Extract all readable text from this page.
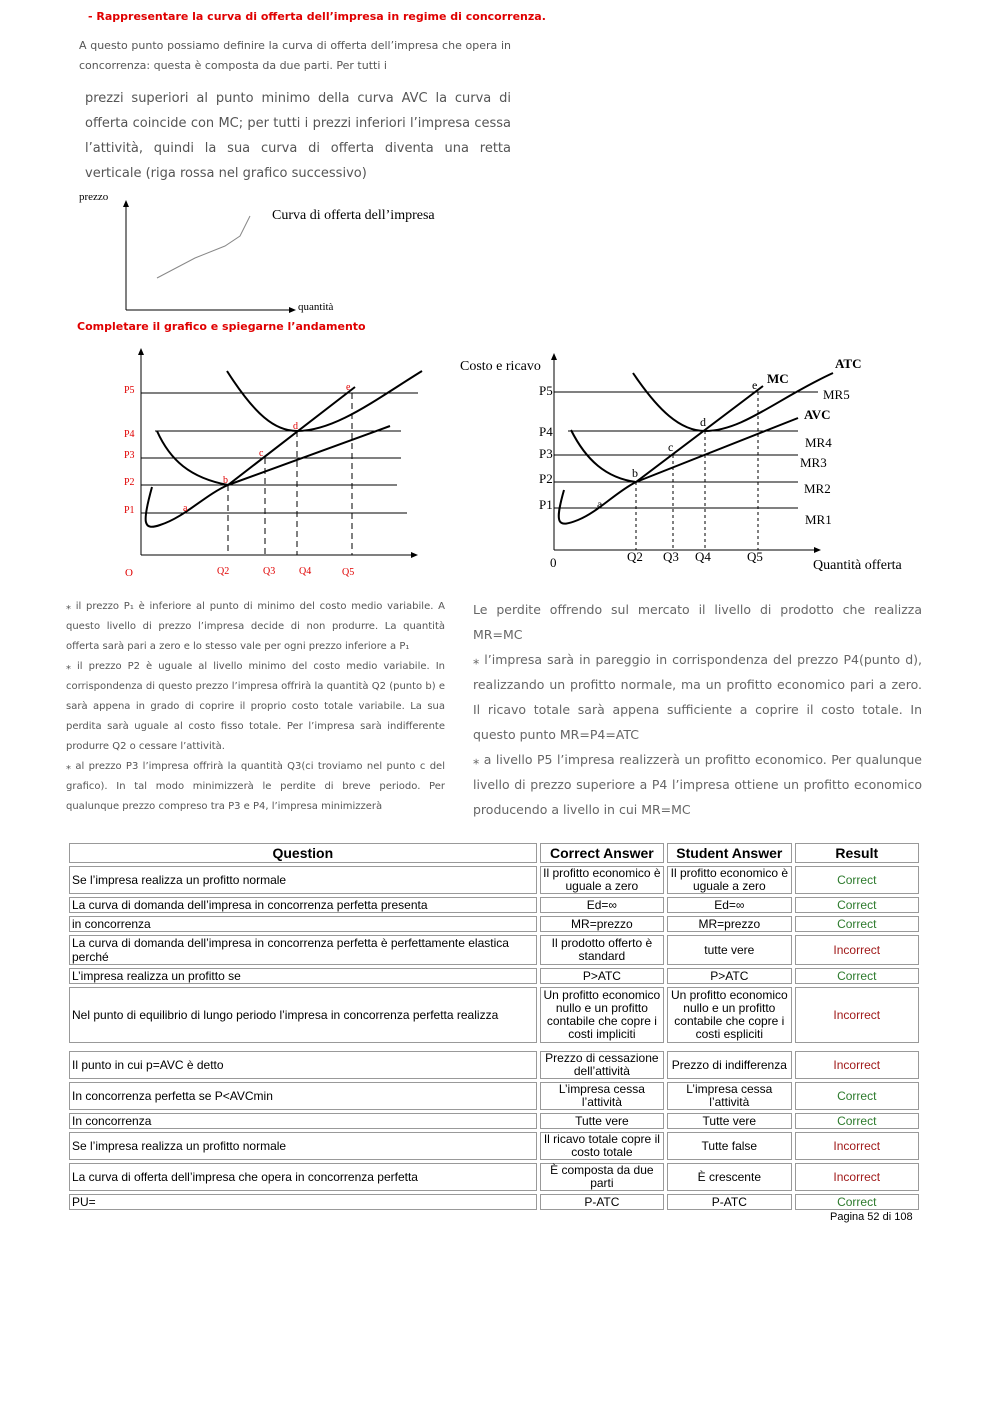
- Rappresentare la curva di offerta dell’impresa in regime di concorrenza.
A questo punto possiamo definire la curva di offerta dell’impresa che opera in concorrenza: questa è composta da due parti. Per tutti i
prezzi superiori al punto minimo della curva AVC la curva di offerta coincide con MC; per tutti i prezzi inferiori l’impresa cessa l’attività, quindi la sua curva di offerta diventa una retta verticale (riga rossa nel grafico successivo)
prezzo
quantità
Curva di offerta dell’impresa
Completare il grafico e spiegarne l’andamento
P5
P4
P3
P2
P1
Q2	Q3 Q4	Q5
O
a
b
c
d
e
Costo e ricavo
Quantità offerta
0
P5
P4
P3
P2
P1
Q2 Q3 Q4	Q5
MR5
MR4
MR3
MR2
MR1
MC
ATC
AVC
a
b
c
d
e

⁎ il prezzo P₁ è inferiore al punto di minimo del costo medio variabile. A questo livello di prezzo l’impresa decide di non produrre. La quantità offerta sarà pari a zero e lo stesso vale per ogni prezzo inferiore a P₁

⁎ il prezzo P2 è uguale al livello minimo del costo medio variabile. In corrispondenza di questo prezzo l’impresa offrirà la quantità Q2 (punto b) e sarà appena in grado di coprire il proprio costo totale variabile. La sua perdita sarà uguale al costo fisso totale. Per l’impresa sarà indifferente produrre Q2 o cessare l’attività.

⁎ al prezzo P3 l’impresa offrirà la quantità Q3(ci troviamo nel punto c del grafico). In tal modo minimizzerà le perdite di breve periodo. Per qualunque prezzo compreso tra P3 e P4, l’impresa minimizzerà

Le perdite offrendo sul mercato il livello di prodotto che realizza MR=MC

⁎ l’impresa sarà in pareggio in corrispondenza del prezzo P4(punto d), realizzando un profitto normale, ma un profitto economico pari a zero. Il ricavo totale sarà appena sufficiente a coprire il costo totale. In questo punto MR=P4=ATC

⁎ a livello P5 l’impresa realizzerà un profitto economico. Per qualunque livello di prezzo superiore a P4 l’impresa ottiene un profitto economico producendo a livello in cui MR=MC

Question	Correct Answer	Student Answer	Result
Se l’impresa realizza un profitto normale	Il profitto economico è uguale a zero	Il profitto economico è uguale a zero	Correct
La curva di domanda dell’impresa in concorrenza perfetta presenta	Ed=∞	Ed=∞	Correct
in concorrenza	MR=prezzo	MR=prezzo	Correct
La curva di domanda dell’impresa in concorrenza perfetta è perfettamente elastica perché	Il prodotto offerto è standard	tutte vere	Incorrect
L’impresa realizza un profitto se	P>ATC	P>ATC	Correct
Nel punto di equilibrio di lungo periodo l’impresa in concorrenza perfetta realizza	Un profitto economico nullo e un profitto contabile che copre i costi impliciti	Un profitto economico nullo e un profitto contabile che copre i costi espliciti	Incorrect

Il punto in cui p=AVC è detto	Prezzo di cessazione dell’attività	Prezzo di indifferenza	Incorrect
In concorrenza perfetta se P<AVCmin	L’impresa cessa l’attività	L’impresa cessa l’attività	Correct
In concorrenza	Tutte vere	Tutte vere	Correct
Se l’impresa realizza un profitto normale	Il ricavo totale copre il costo totale	Tutte false	Incorrect
La curva di offerta dell’impresa che opera in concorrenza perfetta	È composta da due parti	È crescente	Incorrect
PU=	P-ATC	P-ATC	Correct
Pagina 52 di 108
